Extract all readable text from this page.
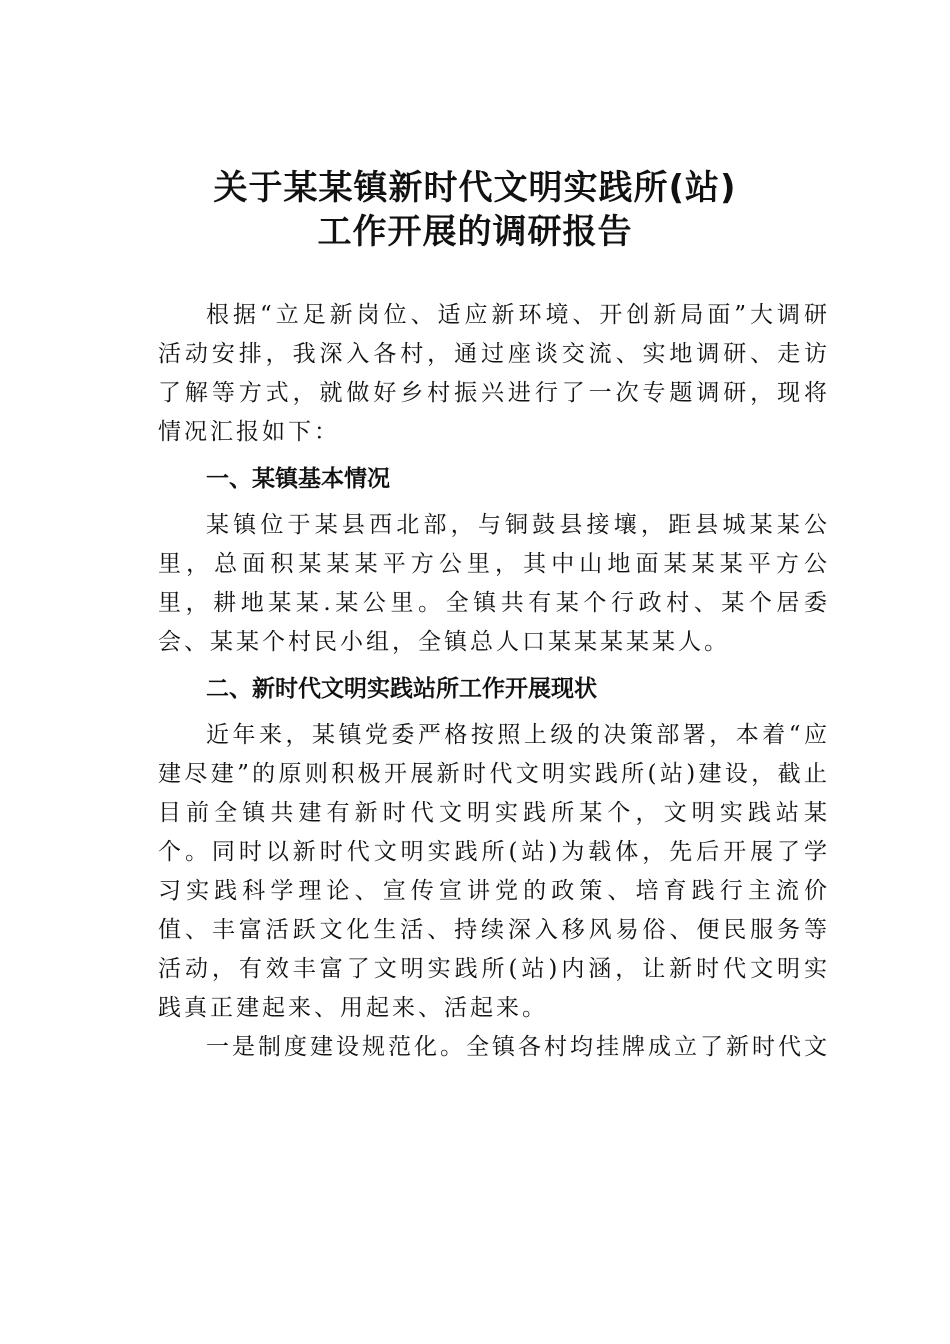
关于某某镇新时代文明实践所(站)
工作开展的调研报告

根据“立足新岗位、适应新环境、开创新局面”大调研活动安排，我深入各村，通过座谈交流、实地调研、走访了解等方式，就做好乡村振兴进行了一次专题调研，现将情况汇报如下：

一、某镇基本情况

某镇位于某县西北部，与铜鼓县接壤，距县城某某公里，总面积某某某平方公里，其中山地面某某某平方公里，耕地某某.某公里。全镇共有某个行政村、某个居委会、某某个村民小组，全镇总人口某某某某某人。

二、新时代文明实践站所工作开展现状

近年来，某镇党委严格按照上级的决策部署，本着“应建尽建”的原则积极开展新时代文明实践所(站)建设，截止目前全镇共建有新时代文明实践所某个，文明实践站某个。同时以新时代文明实践所(站)为载体，先后开展了学习实践科学理论、宣传宣讲党的政策、培育践行主流价值、丰富活跃文化生活、持续深入移风易俗、便民服务等活动，有效丰富了文明实践所(站)内涵，让新时代文明实践真正建起来、用起来、活起来。

一是制度建设规范化。全镇各村均挂牌成立了新时代文
